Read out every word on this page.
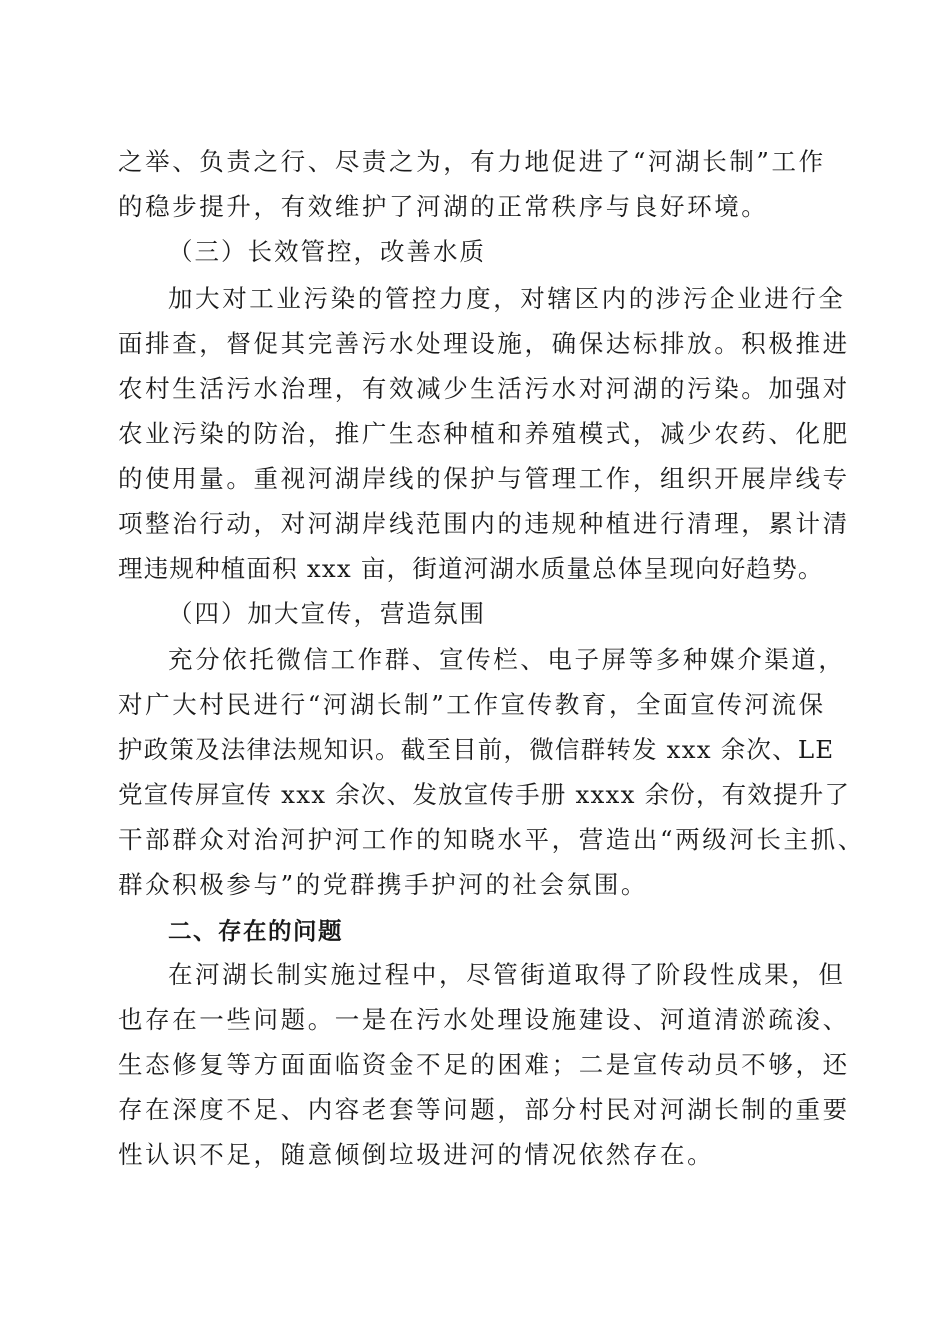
之举、负责之行、尽责之为，有力地促进了“河湖长制”工作

的稳步提升，有效维护了河湖的正常秩序与良好环境。

（三）长效管控，改善水质

加大对工业污染的管控力度，对辖区内的涉污企业进行全

面排查，督促其完善污水处理设施，确保达标排放。积极推进

农村生活污水治理，有效减少生活污水对河湖的污染。加强对

农业污染的防治，推广生态种植和养殖模式，减少农药、化肥

的使用量。重视河湖岸线的保护与管理工作，组织开展岸线专

项整治行动，对河湖岸线范围内的违规种植进行清理，累计清

理违规种植面积 xxx 亩，街道河湖水质量总体呈现向好趋势。

（四）加大宣传，营造氛围

充分依托微信工作群、宣传栏、电子屏等多种媒介渠道，

对广大村民进行“河湖长制”工作宣传教育，全面宣传河流保

护政策及法律法规知识。截至目前，微信群转发 xxx 余次、LE

党宣传屏宣传 xxx 余次、发放宣传手册 xxxx 余份，有效提升了

干部群众对治河护河工作的知晓水平，营造出“两级河长主抓、

群众积极参与”的党群携手护河的社会氛围。

二、存在的问题

在河湖长制实施过程中，尽管街道取得了阶段性成果，但

也存在一些问题。一是在污水处理设施建设、河道清淤疏浚、

生态修复等方面面临资金不足的困难；二是宣传动员不够，还

存在深度不足、内容老套等问题，部分村民对河湖长制的重要

性认识不足，随意倾倒垃圾进河的情况依然存在。
